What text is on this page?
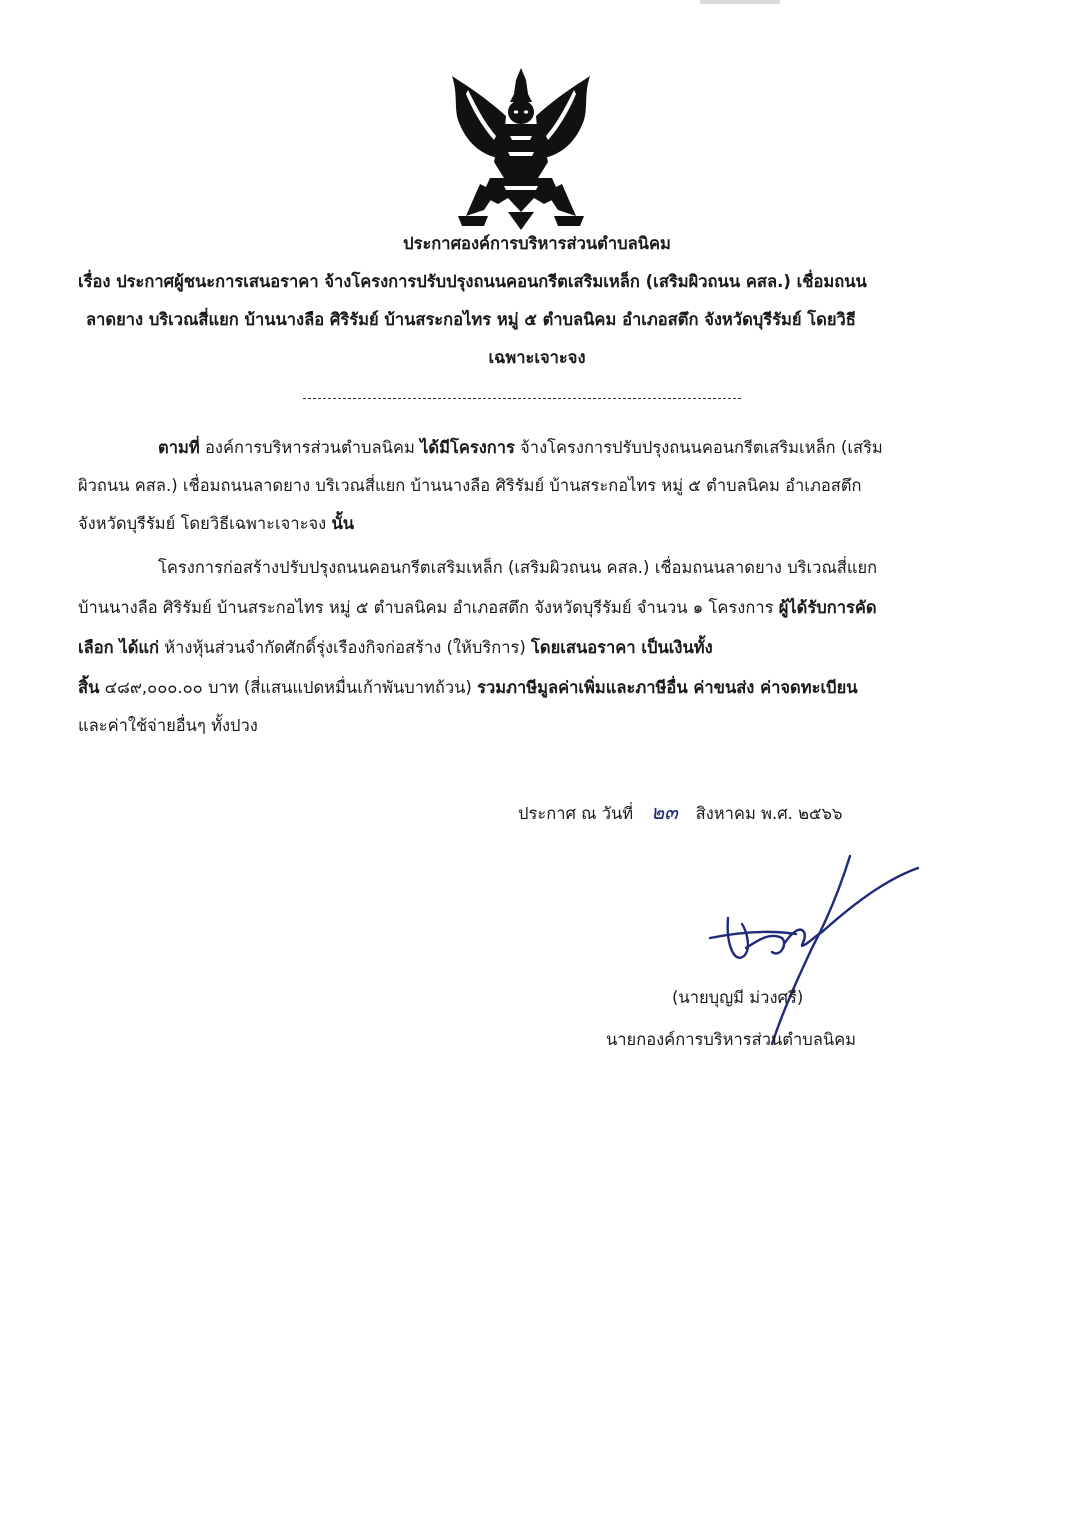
ประกาศองค์การบริหารส่วนตำบลนิคม
เรื่อง ประกาศผู้ชนะการเสนอราคา จ้างโครงการปรับปรุงถนนคอนกรีตเสริมเหล็ก (เสริมผิวถนน คสล.) เชื่อมถนน
ลาดยาง บริเวณสี่แยก บ้านนางลือ ศิริรัมย์ บ้านสระกอไทร หมู่ ๕ ตำบลนิคม อำเภอสตึก จังหวัดบุรีรัมย์ โดยวิธี
เฉพาะเจาะจง
ตามที่ องค์การบริหารส่วนตำบลนิคม ได้มีโครงการ จ้างโครงการปรับปรุงถนนคอนกรีตเสริมเหล็ก (เสริม
ผิวถนน คสล.) เชื่อมถนนลาดยาง บริเวณสี่แยก บ้านนางลือ ศิริรัมย์ บ้านสระกอไทร หมู่ ๕ ตำบลนิคม อำเภอสตึก
จังหวัดบุรีรัมย์ โดยวิธีเฉพาะเจาะจง นั้น
โครงการก่อสร้างปรับปรุงถนนคอนกรีตเสริมเหล็ก (เสริมผิวถนน คสล.) เชื่อมถนนลาดยาง บริเวณสี่แยก
บ้านนางลือ ศิริรัมย์ บ้านสระกอไทร หมู่ ๕ ตำบลนิคม อำเภอสตึก จังหวัดบุรีรัมย์ จำนวน ๑ โครงการ ผู้ได้รับการคัด
เลือก ได้แก่ ห้างหุ้นส่วนจำกัดศักดิ์รุ่งเรืองกิจก่อสร้าง (ให้บริการ) โดยเสนอราคา เป็นเงินทั้ง
สิ้น ๔๘๙,๐๐๐.๐๐ บาท (สี่แสนแปดหมื่นเก้าพันบาทถ้วน) รวมภาษีมูลค่าเพิ่มและภาษีอื่น ค่าขนส่ง ค่าจดทะเบียน
และค่าใช้จ่ายอื่นๆ ทั้งปวง
ประกาศ ณ วันที่ ๒๓ สิงหาคม พ.ศ. ๒๕๖๖
(นายบุญมี ม่วงศรี)
นายกองค์การบริหารส่วนตำบลนิคม
